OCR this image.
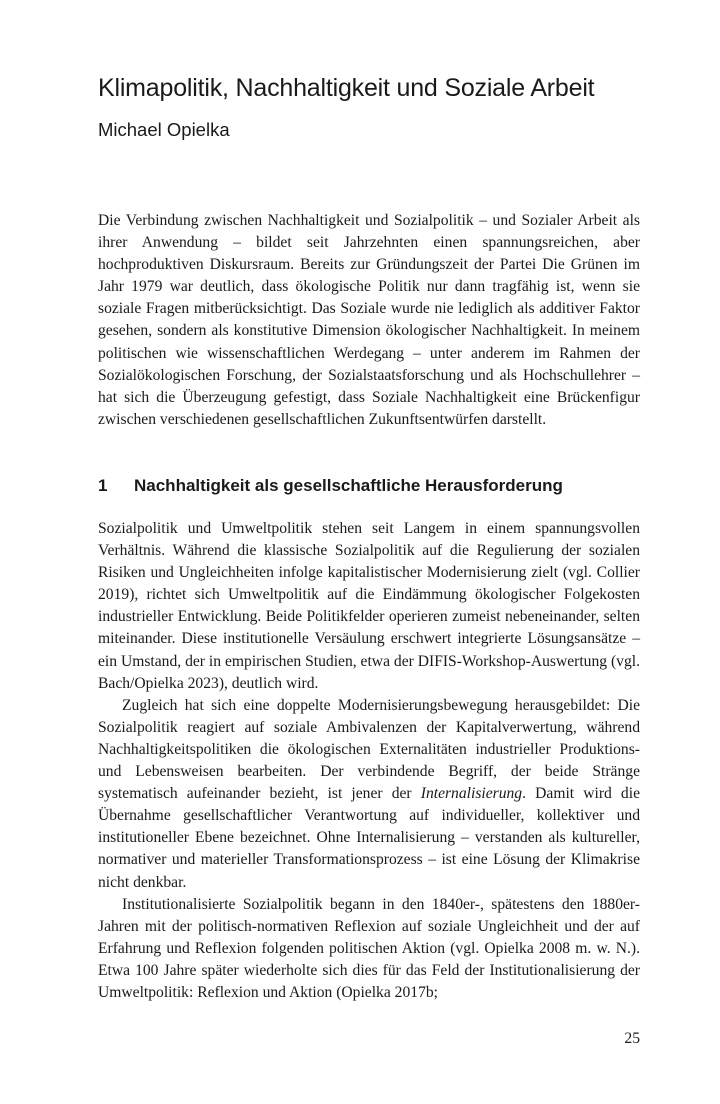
Klimapolitik, Nachhaltigkeit und Soziale Arbeit

Michael Opielka

Die Verbindung zwischen Nachhaltigkeit und Sozialpolitik – und Sozialer Arbeit als ihrer Anwendung – bildet seit Jahrzehnten einen spannungsreichen, aber hochproduktiven Diskursraum. Bereits zur Gründungszeit der Partei Die Grünen im Jahr 1979 war deutlich, dass ökologische Politik nur dann tragfähig ist, wenn sie soziale Fragen mitberücksichtigt. Das Soziale wurde nie lediglich als additiver Faktor gesehen, sondern als konstitutive Dimension ökologischer Nachhaltigkeit. In meinem politischen wie wissenschaftlichen Werdegang – unter anderem im Rahmen der Sozialökologischen Forschung, der Sozialstaatsforschung und als Hochschullehrer – hat sich die Überzeugung gefestigt, dass Soziale Nachhaltigkeit eine Brückenfigur zwischen verschiedenen gesellschaftlichen Zukunftsentwürfen darstellt.

1 Nachhaltigkeit als gesellschaftliche Herausforderung

Sozialpolitik und Umweltpolitik stehen seit Langem in einem spannungsvollen Verhältnis. Während die klassische Sozialpolitik auf die Regulierung der sozialen Risiken und Ungleichheiten infolge kapitalistischer Modernisierung zielt (vgl. Collier 2019), richtet sich Umweltpolitik auf die Eindämmung ökologischer Folgekosten industrieller Entwicklung. Beide Politikfelder operieren zumeist nebeneinander, selten miteinander. Diese institutionelle Versäulung erschwert integrierte Lösungsansätze – ein Umstand, der in empirischen Studien, etwa der DIFIS-Workshop-Auswertung (vgl. Bach/Opielka 2023), deutlich wird.

Zugleich hat sich eine doppelte Modernisierungsbewegung herausgebildet: Die Sozialpolitik reagiert auf soziale Ambivalenzen der Kapitalverwertung, während Nachhaltigkeitspolitiken die ökologischen Externalitäten industrieller Produktions- und Lebensweisen bearbeiten. Der verbindende Begriff, der beide Stränge systematisch aufeinander bezieht, ist jener der Internalisierung. Damit wird die Übernahme gesellschaftlicher Verantwortung auf individueller, kollektiver und institutioneller Ebene bezeichnet. Ohne Internalisierung – verstanden als kultureller, normativer und materieller Transformationsprozess – ist eine Lösung der Klimakrise nicht denkbar.

Institutionalisierte Sozialpolitik begann in den 1840er-, spätestens den 1880er-Jahren mit der politisch-normativen Reflexion auf soziale Ungleichheit und der auf Erfahrung und Reflexion folgenden politischen Aktion (vgl. Opielka 2008 m. w. N.). Etwa 100 Jahre später wiederholte sich dies für das Feld der Institutionalisierung der Umweltpolitik: Reflexion und Aktion (Opielka 2017b;

25
